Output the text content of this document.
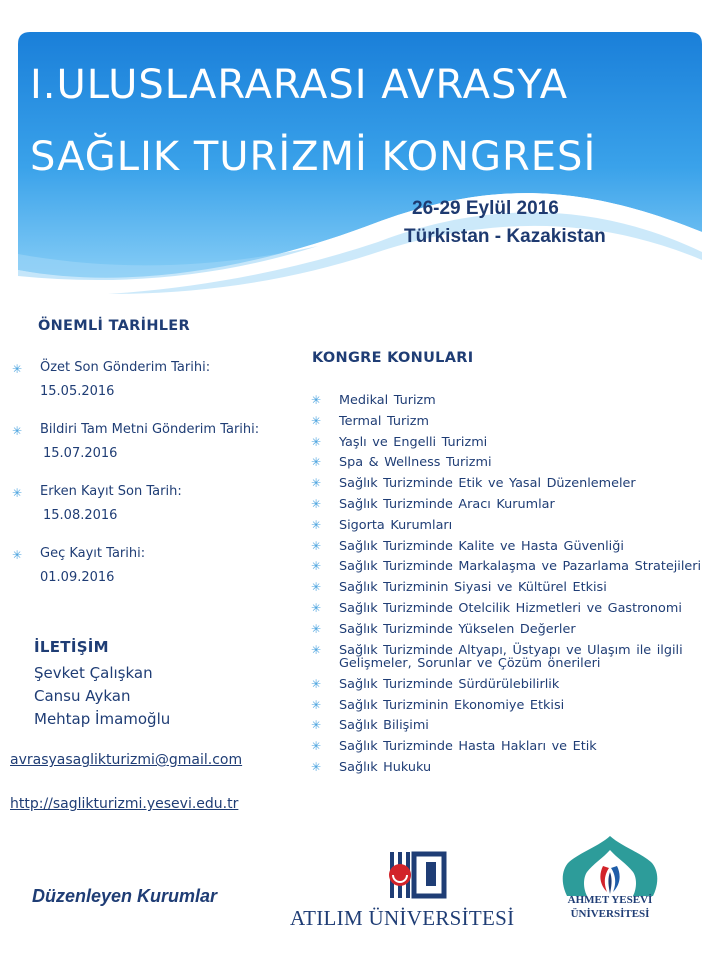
I.ULUSLARARASI AVRASYA
SAĞLIK TURİZMİ KONGRESİ
26-29 Eylül 2016
Türkistan - Kazakistan
ÖNEMLİ TARİHLER
✳ Özet Son Gönderim Tarihi:
15.05.2016
✳ Bildiri Tam Metni Gönderim Tarihi:
15.07.2016
✳ Erken Kayıt Son Tarih:
15.08.2016
✳ Geç Kayıt Tarihi:
01.09.2016
İLETİŞİM
Şevket Çalışkan
Cansu Aykan
Mehtap İmamoğlu
avrasyasaglikturizmi@gmail.com
http://saglikturizmi.yesevi.edu.tr
Düzenleyen Kurumlar
KONGRE KONULARI
✳ Medikal Turizm
✳ Termal Turizm
✳ Yaşlı ve Engelli Turizmi
✳ Spa & Wellness Turizmi
✳ Sağlık Turizminde Etik ve Yasal Düzenlemeler
✳ Sağlık Turizminde Aracı Kurumlar
✳ Sigorta Kurumları
✳ Sağlık Turizminde Kalite ve Hasta Güvenliği
✳ Sağlık Turizminde Markalaşma ve Pazarlama Stratejileri
✳ Sağlık Turizminin Siyasi ve Kültürel Etkisi
✳ Sağlık Turizminde Otelcilik Hizmetleri ve Gastronomi
✳ Sağlık Turizminde Yükselen Değerler
✳ Sağlık Turizminde Altyapı, Üstyapı ve Ulaşım ile ilgili Gelişmeler, Sorunlar ve Çözüm önerileri
✳ Sağlık Turizminde Sürdürülebilirlik
✳ Sağlık Turizminin Ekonomiye Etkisi
✳ Sağlık Bilişimi
✳ Sağlık Turizminde Hasta Hakları ve Etik
✳ Sağlık Hukuku
ATILIM ÜNİVERSİTESİ
AHMET YESEVİ
ÜNİVERSİTESİ
